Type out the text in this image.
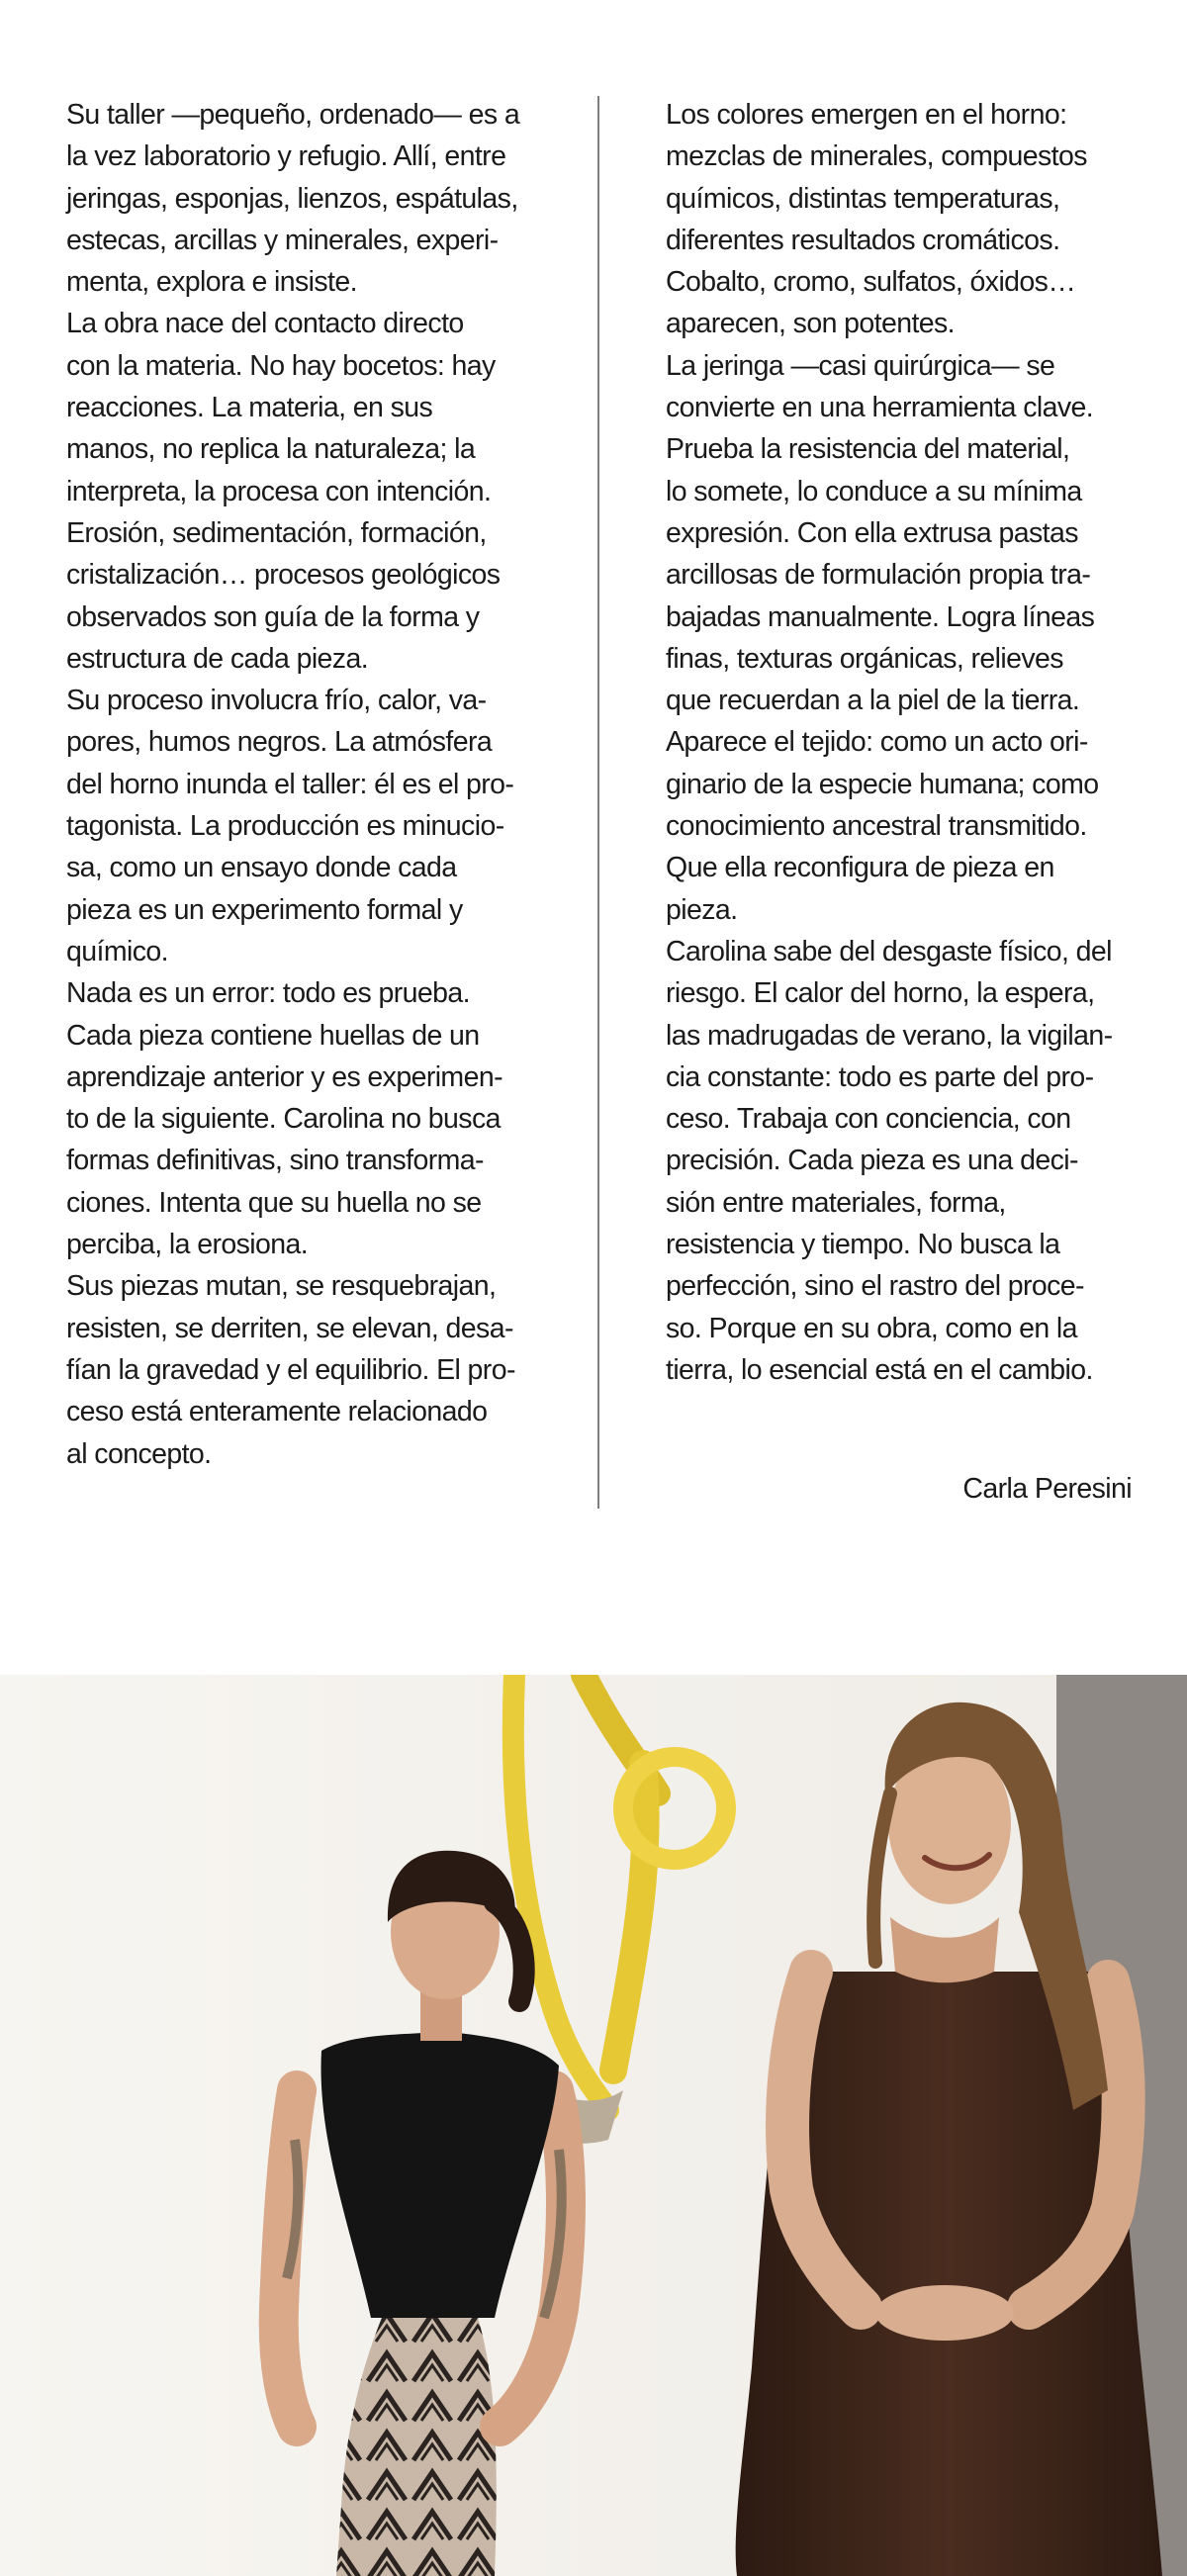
Su taller —pequeño, ordenado— es a
la vez laboratorio y refugio. Allí, entre
jeringas, esponjas, lienzos, espátulas,
estecas, arcillas y minerales, experi-
menta, explora e insiste.
La obra nace del contacto directo
con la materia. No hay bocetos: hay
reacciones. La materia, en sus
manos, no replica la naturaleza; la
interpreta, la procesa con intención.
Erosión, sedimentación, formación,
cristalización… procesos geológicos
observados son guía de la forma y
estructura de cada pieza.
Su proceso involucra frío, calor, va-
pores, humos negros. La atmósfera
del horno inunda el taller: él es el pro-
tagonista. La producción es minucio-
sa, como un ensayo donde cada
pieza es un experimento formal y
químico.
Nada es un error: todo es prueba.
Cada pieza contiene huellas de un
aprendizaje anterior y es experimen-
to de la siguiente. Carolina no busca
formas definitivas, sino transforma-
ciones. Intenta que su huella no se
perciba, la erosiona.
Sus piezas mutan, se resquebrajan,
resisten, se derriten, se elevan, desa-
fían la gravedad y el equilibrio. El pro-
ceso está enteramente relacionado
al concepto.

Los colores emergen en el horno:
mezclas de minerales, compuestos
químicos, distintas temperaturas,
diferentes resultados cromáticos.
Cobalto, cromo, sulfatos, óxidos…
aparecen, son potentes.
La jeringa —casi quirúrgica— se
convierte en una herramienta clave.
Prueba la resistencia del material,
lo somete, lo conduce a su mínima
expresión. Con ella extrusa pastas
arcillosas de formulación propia tra-
bajadas manualmente. Logra líneas
finas, texturas orgánicas, relieves
que recuerdan a la piel de la tierra.
Aparece el tejido: como un acto ori-
ginario de la especie humana; como
conocimiento ancestral transmitido.
Que ella reconfigura de pieza en
pieza.
Carolina sabe del desgaste físico, del
riesgo. El calor del horno, la espera,
las madrugadas de verano, la vigilan-
cia constante: todo es parte del pro-
ceso. Trabaja con conciencia, con
precisión. Cada pieza es una deci-
sión entre materiales, forma,
resistencia y tiempo. No busca la
perfección, sino el rastro del proce-
so. Porque en su obra, como en la
tierra, lo esencial está en el cambio.

Carla Peresini
